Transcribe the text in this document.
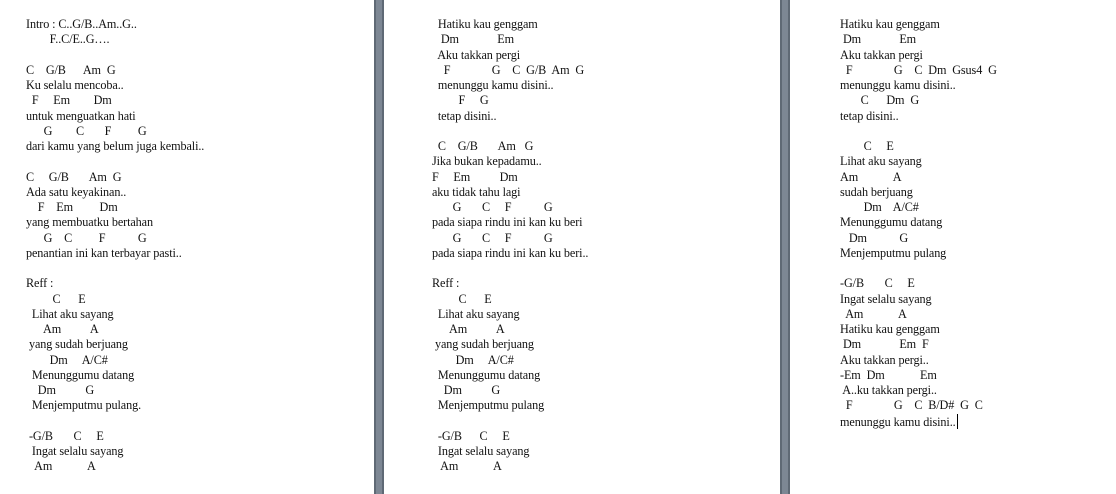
Intro : C..G/B..Am..G..
F..C/E..G….
C    G/B      Am  G
Ku selalu mencoba..
F     Em        Dm
untuk menguatkan hati
G        C       F         G
dari kamu yang belum juga kembali..
C     G/B       Am  G
Ada satu keyakinan..
F    Em         Dm
yang membuatku bertahan
G    C         F           G
penantian ini kan terbayar pasti..
Reff :
C      E
Lihat aku sayang
Am          A
yang sudah berjuang
Dm     A/C#
Menunggumu datang
Dm          G
Menjemputmu pulang.
-G/B       C     E
Ingat selalu sayang
Am            A
Hatiku kau genggam
Dm             Em
Aku takkan pergi
F              G    C  G/B  Am  G
menunggu kamu disini..
F     G
tetap disini..
C    G/B       Am   G
Jika bukan kepadamu..
F     Em          Dm
aku tidak tahu lagi
G       C     F           G
pada siapa rindu ini kan ku beri
G       C     F           G
pada siapa rindu ini kan ku beri..
Reff :
C      E
Lihat aku sayang
Am          A
yang sudah berjuang
Dm     A/C#
Menunggumu datang
Dm          G
Menjemputmu pulang
-G/B      C     E
Ingat selalu sayang
Am            A
Hatiku kau genggam
Dm             Em
Aku takkan pergi
F              G    C  Dm  Gsus4  G
menunggu kamu disini..
C      Dm  G
tetap disini..
C     E
Lihat aku sayang
Am            A
sudah berjuang
Dm    A/C#
Menunggumu datang
Dm           G
Menjemputmu pulang
-G/B       C     E
Ingat selalu sayang
Am            A
Hatiku kau genggam
Dm             Em  F
Aku takkan pergi..
-Em  Dm            Em
A..ku takkan pergi..
F              G    C  B/D#  G  C
menunggu kamu disini..
